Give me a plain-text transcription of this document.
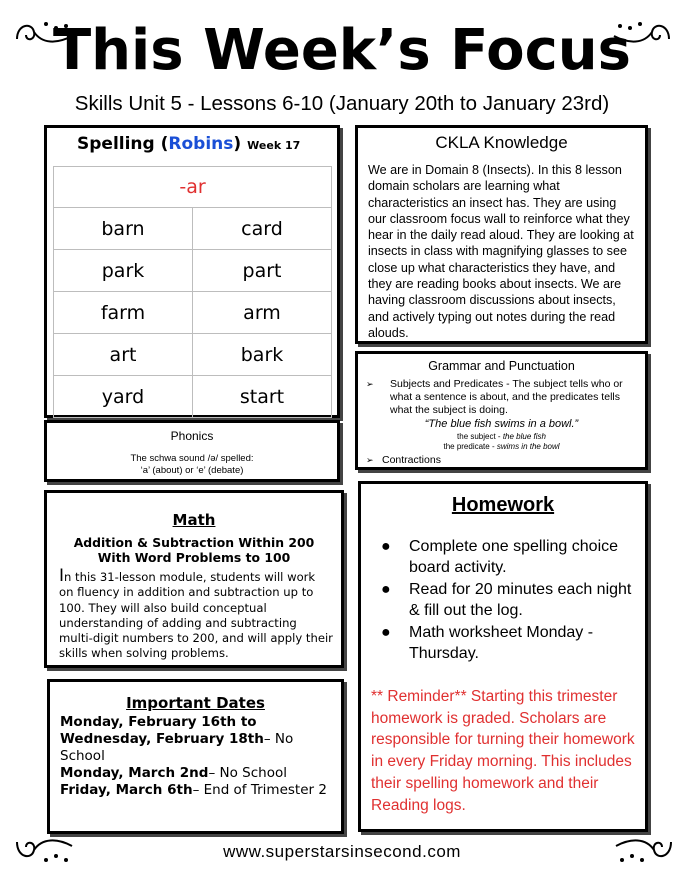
This Week’s Focus
Skills Unit 5 - Lessons 6-10 (January 20th to January 23rd)
Spelling (Robins) Week 17
-ar	
barn	card
park	part
farm	arm
art	bark
yard	start
Phonics
The schwa sound /ə/ spelled:
‘a’ (about) or ‘e’ (debate)
CKLA Knowledge
We are in Domain 8 (Insects). In this 8 lesson domain scholars are learning what characteristics an insect has. They are using our classroom focus wall to reinforce what they hear in the daily read aloud. They are looking at insects in class with magnifying glasses to see close up what characteristics they have, and they are reading books about insects. We are having classroom discussions about insects, and actively typing out notes during the read alouds.
Grammar and Punctuation
➢ Subjects and Predicates - The subject tells who or what a sentence is about, and the predicates tells what the subject is doing.
“The blue fish swims in a bowl.”
the subject - the blue fish
the predicate - swims in the bowl
➢ Contractions
Math
Addition & Subtraction Within 200 With Word Problems to 100
In this 31-lesson module, students will work on fluency in addition and subtraction up to 100. They will also build conceptual understanding of adding and subtracting multi-digit numbers to 200, and will apply their skills when solving problems.
Important Dates
Monday, February 16th to Wednesday, February 18th– No School
Monday, March 2nd– No School
Friday, March 6th– End of Trimester 2
Homework
● Complete one spelling choice board activity.
● Read for 20 minutes each night & fill out the log.
● Math worksheet Monday - Thursday.
** Reminder** Starting this trimester homework is graded. Scholars are responsible for turning their homework in every Friday morning. This includes their spelling homework and their Reading logs.
www.superstarsinsecond.com
